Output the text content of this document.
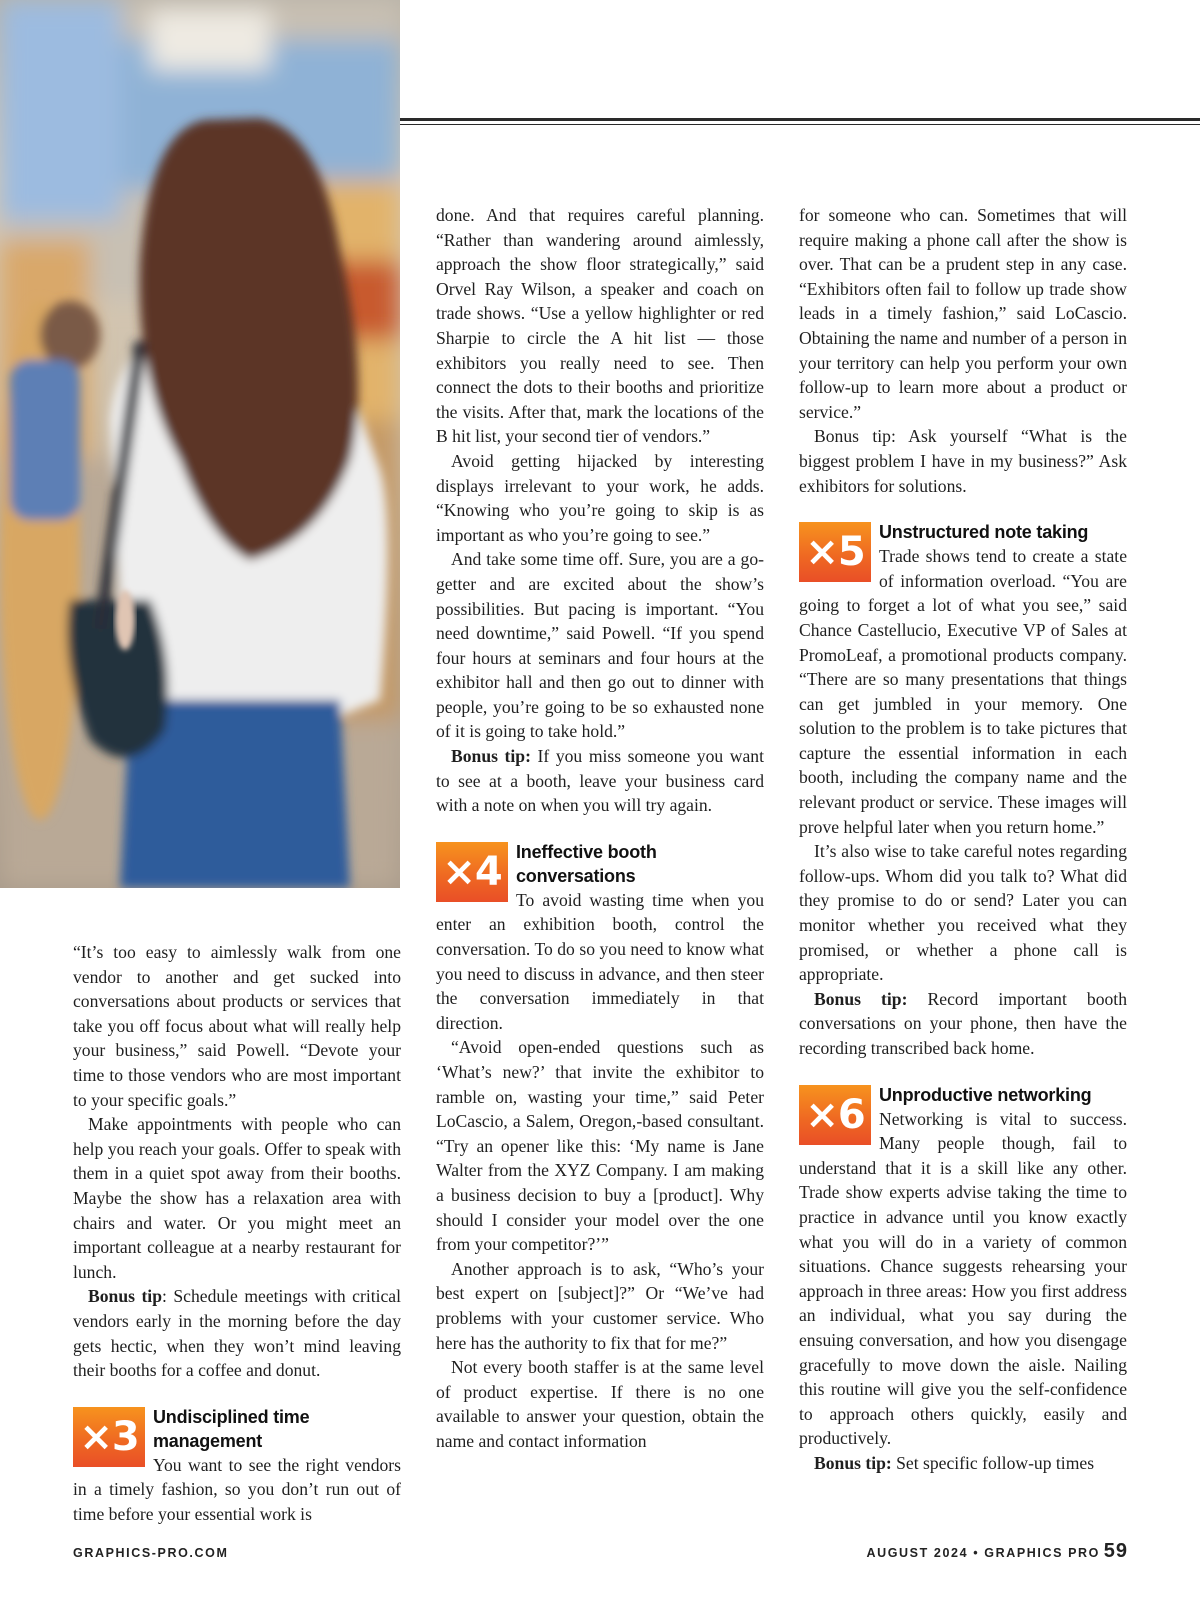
“It’s too easy to aimlessly walk from one vendor to another and get sucked into conversations about products or services that take you off focus about what will really help your business,” said Powell. “Devote your time to those vendors who are most important to your specific goals.”

Make appointments with people who can help you reach your goals. Offer to speak with them in a quiet spot away from their booths. Maybe the show has a relaxation area with chairs and water. Or you might meet an important colleague at a nearby restaurant for lunch.

Bonus tip: Schedule meetings with critical vendors early in the morning before the day gets hectic, when they won’t mind leaving their booths for a coffee and donut.

×3 Undisciplined time management

You want to see the right vendors in a timely fashion, so you don’t run out of time before your essential work is

done. And that requires careful planning. “Rather than wandering around aimlessly, approach the show floor strategically,” said Orvel Ray Wilson, a speaker and coach on trade shows. “Use a yellow highlighter or red Sharpie to circle the A hit list — those exhibitors you really need to see. Then connect the dots to their booths and prioritize the visits. After that, mark the locations of the B hit list, your second tier of vendors.”

Avoid getting hijacked by interesting displays irrelevant to your work, he adds. “Knowing who you’re going to skip is as important as who you’re going to see.”

And take some time off. Sure, you are a go-getter and are excited about the show’s possibilities. But pacing is important. “You need downtime,” said Powell. “If you spend four hours at seminars and four hours at the exhibitor hall and then go out to dinner with people, you’re going to be so exhausted none of it is going to take hold.”

Bonus tip: If you miss someone you want to see at a booth, leave your business card with a note on when you will try again.

×4 Ineffective booth conversations

To avoid wasting time when you enter an exhibition booth, control the conversation. To do so you need to know what you need to discuss in advance, and then steer the conversation immediately in that direction.

“Avoid open-ended questions such as ‘What’s new?’ that invite the exhibitor to ramble on, wasting your time,” said Peter LoCascio, a Salem, Oregon,-based consultant. “Try an opener like this: ‘My name is Jane Walter from the XYZ Company. I am making a business decision to buy a [product]. Why should I consider your model over the one from your competitor?’”

Another approach is to ask, “Who’s your best expert on [subject]?” Or “We’ve had problems with your customer service. Who here has the authority to fix that for me?”

Not every booth staffer is at the same level of product expertise. If there is no one available to answer your question, obtain the name and contact information

for someone who can. Sometimes that will require making a phone call after the show is over. That can be a prudent step in any case. “Exhibitors often fail to follow up trade show leads in a timely fashion,” said LoCascio. Obtaining the name and number of a person in your territory can help you perform your own follow-up to learn more about a product or service.”

Bonus tip: Ask yourself “What is the biggest problem I have in my business?” Ask exhibitors for solutions.

×5 Unstructured note taking

Trade shows tend to create a state of information overload. “You are going to forget a lot of what you see,” said Chance Castellucio, Executive VP of Sales at PromoLeaf, a promotional products company. “There are so many presentations that things can get jumbled in your memory. One solution to the problem is to take pictures that capture the essential information in each booth, including the company name and the relevant product or service. These images will prove helpful later when you return home.”

It’s also wise to take careful notes regarding follow-ups. Whom did you talk to? What did they promise to do or send? Later you can monitor whether you received what they promised, or whether a phone call is appropriate.

Bonus tip: Record important booth conversations on your phone, then have the recording transcribed back home.

×6 Unproductive networking

Networking is vital to success. Many people though, fail to understand that it is a skill like any other. Trade show experts advise taking the time to practice in advance until you know exactly what you will do in a variety of common situations. Chance suggests rehearsing your approach in three areas: How you first address an individual, what you say during the ensuing conversation, and how you disengage gracefully to move down the aisle. Nailing this routine will give you the self-confidence to approach others quickly, easily and productively.

Bonus tip: Set specific follow-up times

GRAPHICS-PRO.COM	AUGUST 2024 • GRAPHICS PRO 59
